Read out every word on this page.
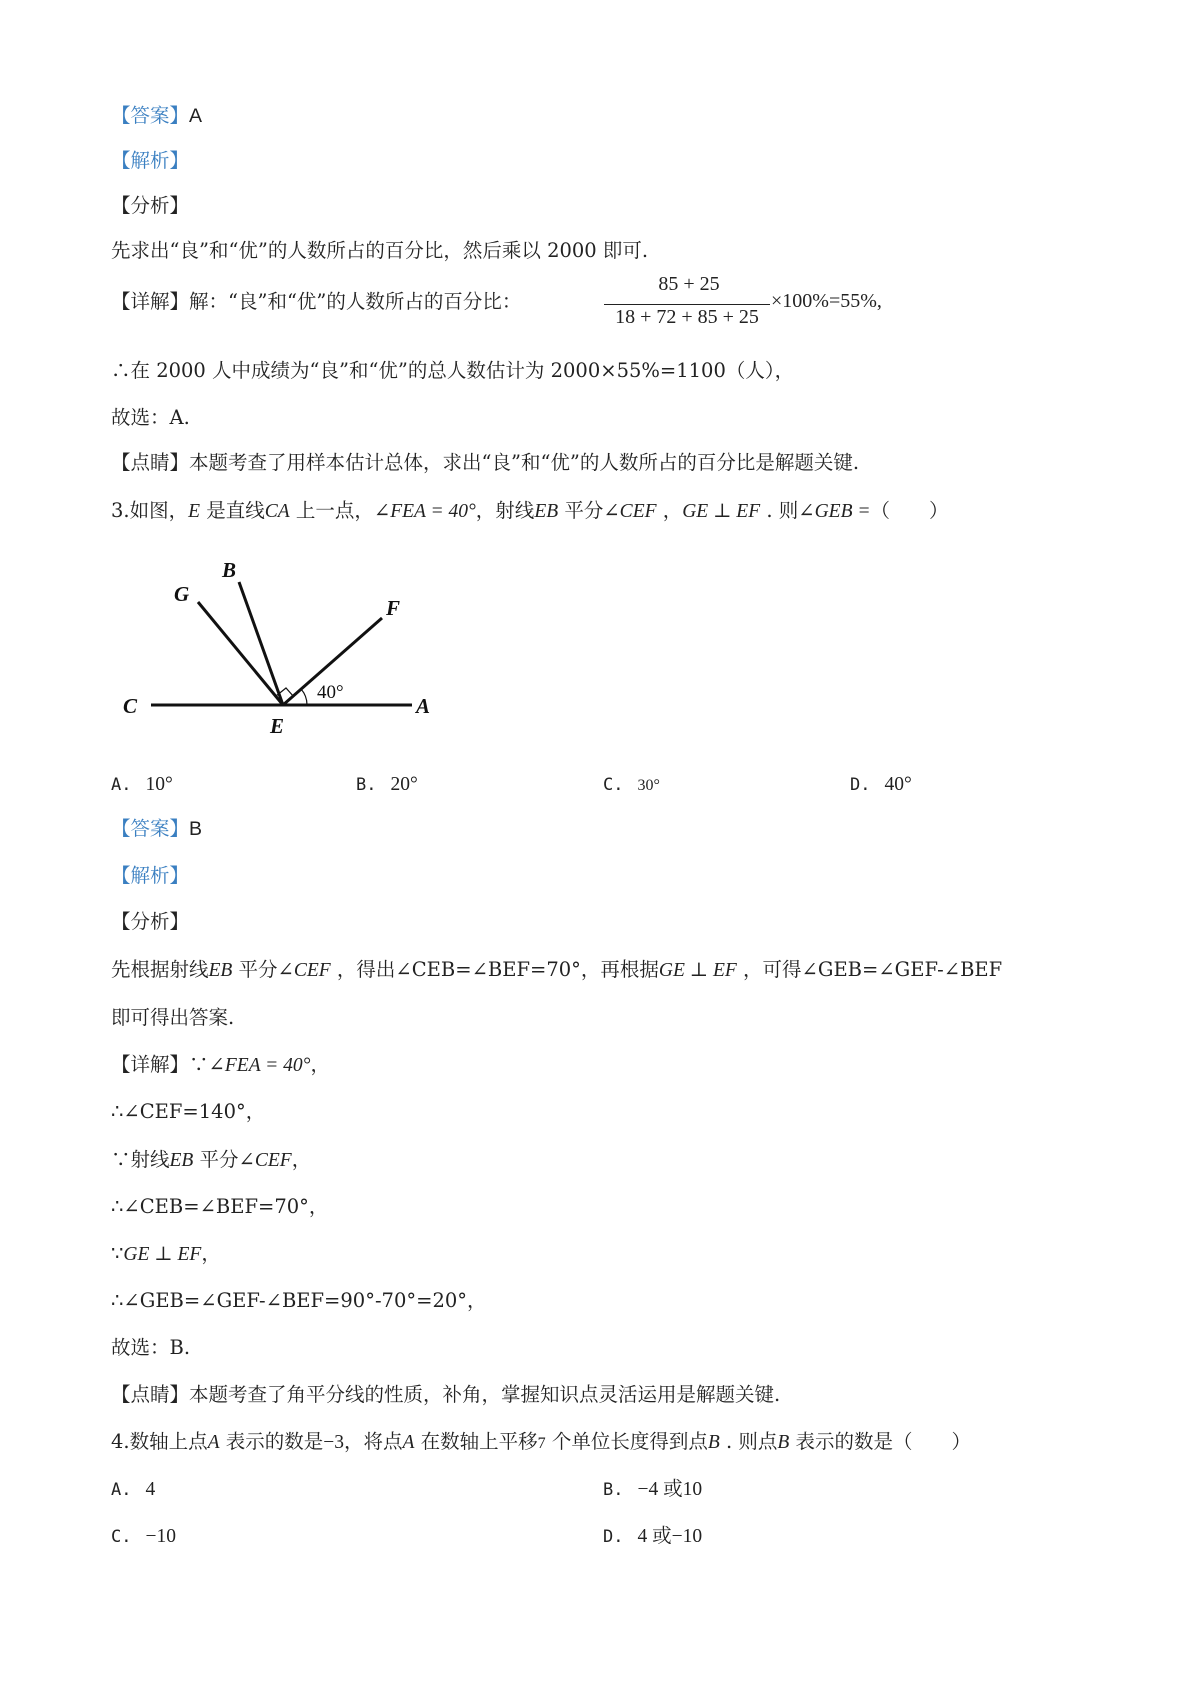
【答案】A
【解析】
【分析】
先求出“良”和“优”的人数所占的百分比，然后乘以 2000 即可.
【详解】解：“良”和“优”的人数所占的百分比：
85 + 25
18 + 72 + 85 + 25
×100%=55%,
∴在 2000 人中成绩为“良”和“优”的总人数估计为 2000×55%=1100（人），
故选：A.
【点睛】本题考查了用样本估计总体，求出“良”和“优”的人数所占的百分比是解题关键.
3.如图，E 是直线CA 上一点，∠FEA = 40°，射线EB 平分∠CEF ，GE ⊥ EF . 则∠GEB =（　　）
40°
G
B
F
C
E
A
A. 10°	B. 20°	C. 30°	D. 40°
【答案】B
【解析】
【分析】
先根据射线EB 平分∠CEF ，得出∠CEB=∠BEF=70°，再根据GE ⊥ EF ，可得∠GEB=∠GEF-∠BEF
即可得出答案.
【详解】∵∠FEA = 40°，
∴∠CEF=140°，
∵射线EB 平分∠CEF，
∴∠CEB=∠BEF=70°，
∵GE ⊥ EF，
∴∠GEB=∠GEF-∠BEF=90°-70°=20°，
故选：B.
【点睛】本题考查了角平分线的性质，补角，掌握知识点灵活运用是解题关键.
4.数轴上点A 表示的数是−3，将点A 在数轴上平移7 个单位长度得到点B . 则点B 表示的数是（　　）
A. 4	B. −4 或10
C. −10	D. 4 或−10
